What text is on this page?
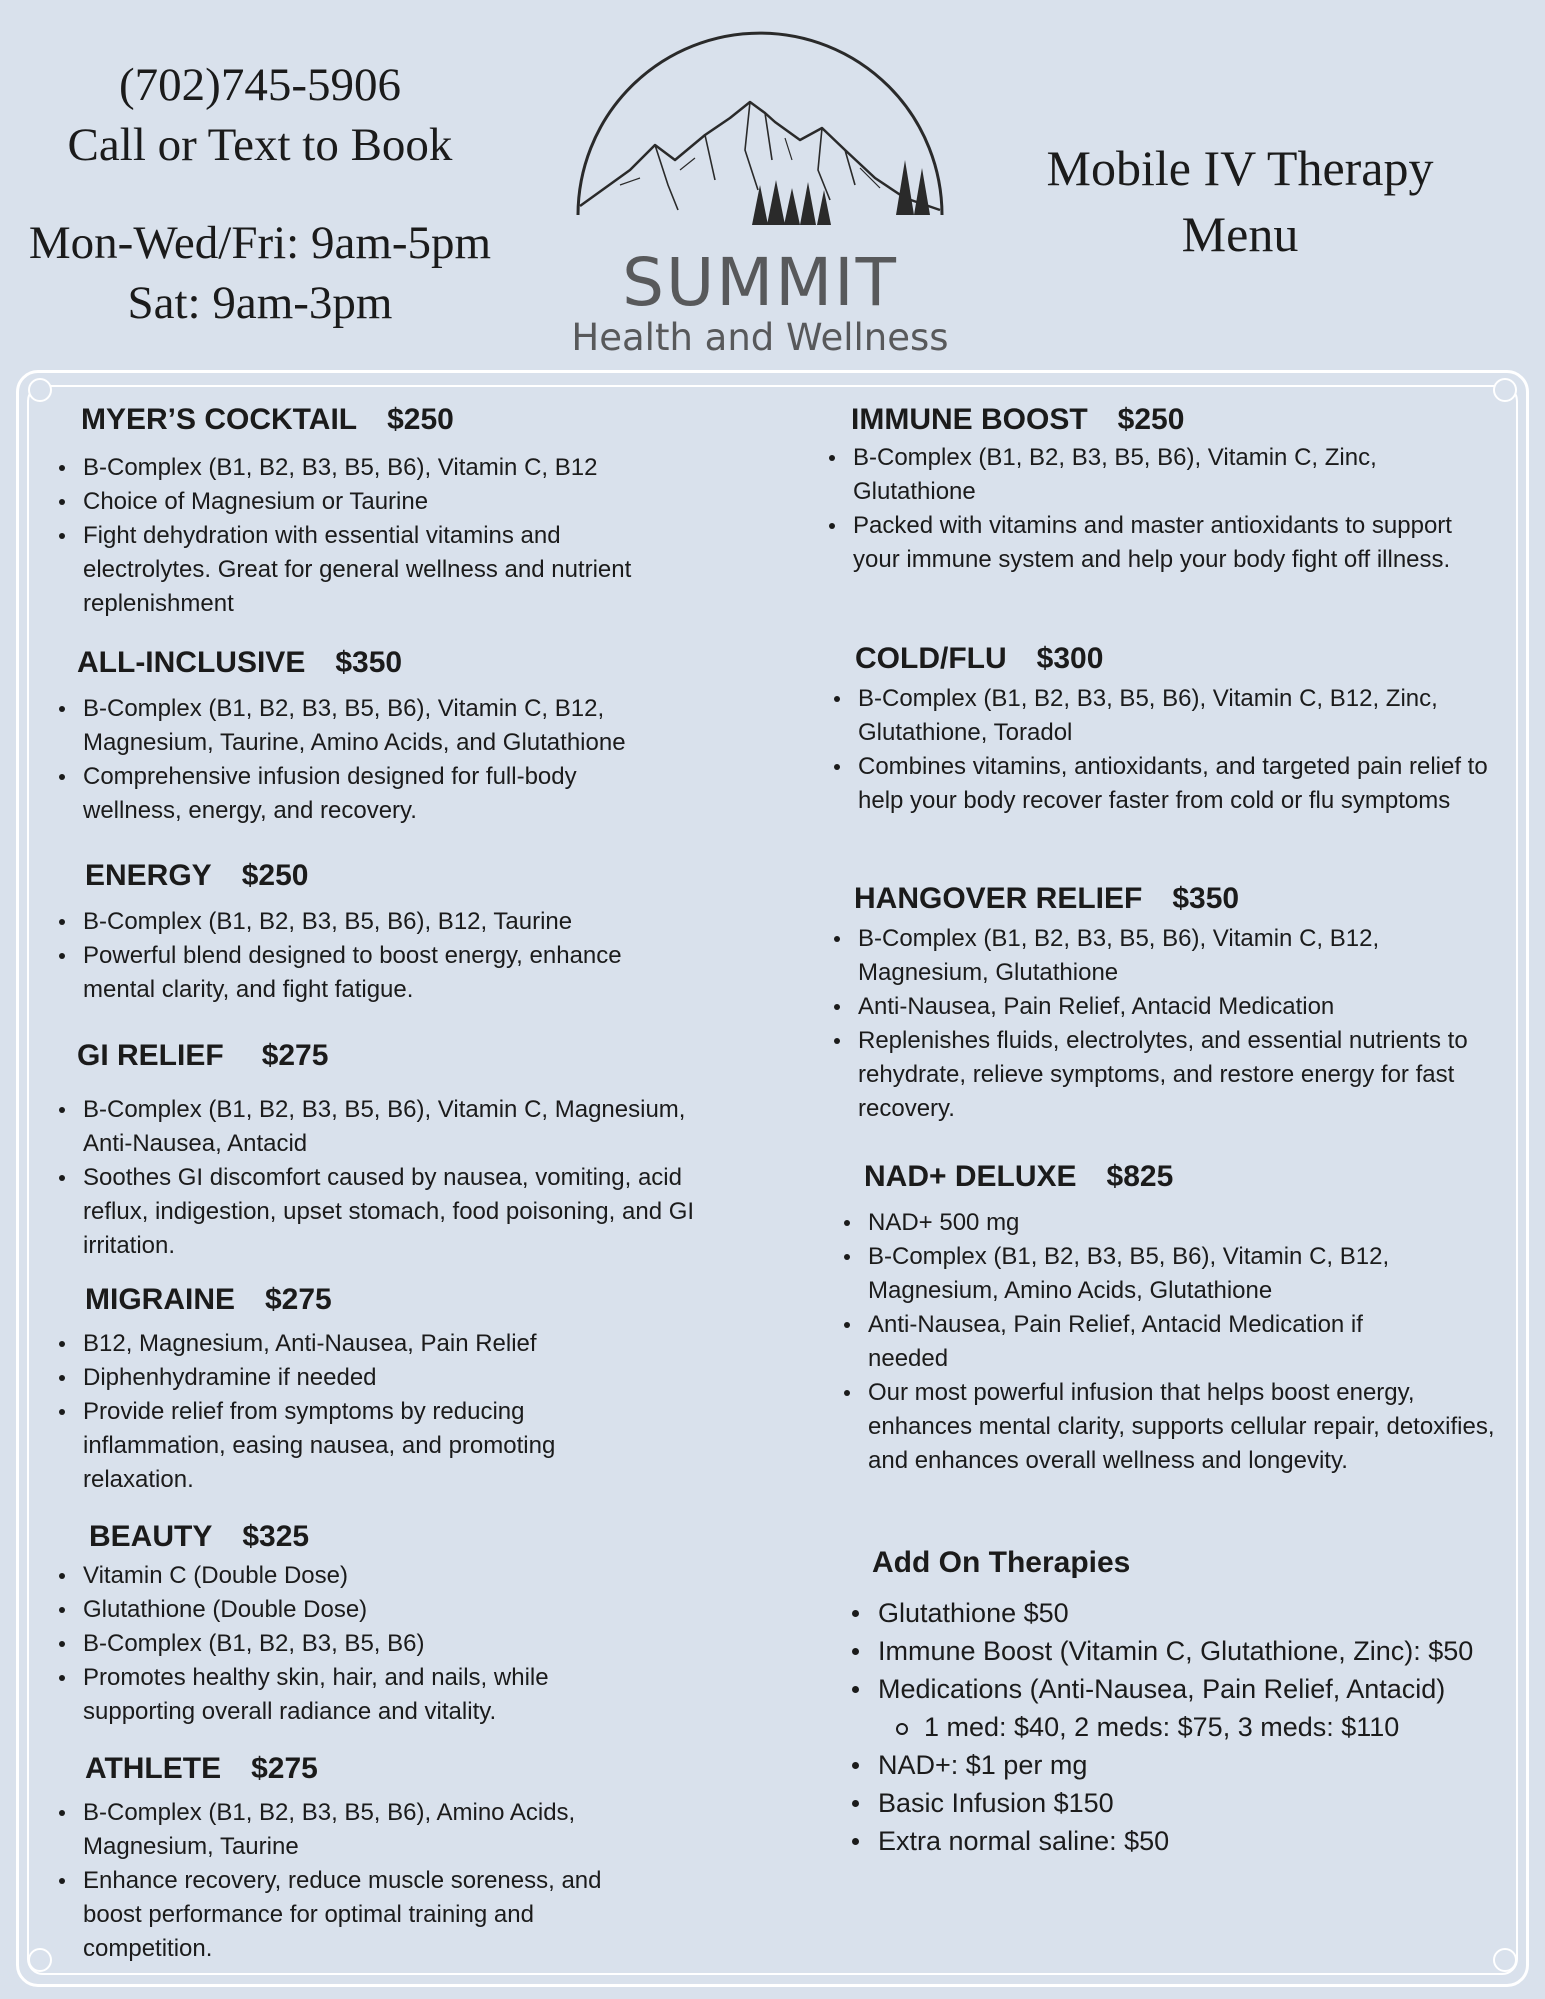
(702)745-5906
Call or Text to Book
Mon-Wed/Fri: 9am-5pm
Sat: 9am-3pm	SUMMIT
Health and Wellness
Mobile IV Therapy
Menu
MYER’S COCKTAIL $250
B-Complex (B1, B2, B3, B5, B6), Vitamin C, B12
Choice of Magnesium or Taurine
Fight dehydration with essential vitamins and electrolytes. Great for general wellness and nutrient replenishment
ALL-INCLUSIVE $350
B-Complex (B1, B2, B3, B5, B6), Vitamin C, B12, Magnesium, Taurine, Amino Acids, and Glutathione
Comprehensive infusion designed for full-body wellness, energy, and recovery.
ENERGY $250
B-Complex (B1, B2, B3, B5, B6), B12, Taurine
Powerful blend designed to boost energy, enhance mental clarity, and fight fatigue.
GI RELIEF $275
B-Complex (B1, B2, B3, B5, B6), Vitamin C, Magnesium, Anti-Nausea, Antacid
Soothes GI discomfort caused by nausea, vomiting, acid reflux, indigestion, upset stomach, food poisoning, and GI irritation.
MIGRAINE $275
B12, Magnesium, Anti-Nausea, Pain Relief
Diphenhydramine if needed
Provide relief from symptoms by reducing inflammation, easing nausea, and promoting relaxation.
BEAUTY $325
Vitamin C (Double Dose)
Glutathione (Double Dose)
B-Complex (B1, B2, B3, B5, B6)
Promotes healthy skin, hair, and nails, while supporting overall radiance and vitality.
ATHLETE $275
B-Complex (B1, B2, B3, B5, B6), Amino Acids, Magnesium, Taurine
Enhance recovery, reduce muscle soreness, and boost performance for optimal training and competition.
IMMUNE BOOST $250
B-Complex (B1, B2, B3, B5, B6), Vitamin C, Zinc, Glutathione
Packed with vitamins and master antioxidants to support your immune system and help your body fight off illness.
COLD/FLU $300
B-Complex (B1, B2, B3, B5, B6), Vitamin C, B12, Zinc, Glutathione, Toradol
Combines vitamins, antioxidants, and targeted pain relief to help your body recover faster from cold or flu symptoms
HANGOVER RELIEF $350
B-Complex (B1, B2, B3, B5, B6), Vitamin C, B12, Magnesium, Glutathione
Anti-Nausea, Pain Relief, Antacid Medication
Replenishes fluids, electrolytes, and essential nutrients to rehydrate, relieve symptoms, and restore energy for fast recovery.
NAD+ DELUXE $825
NAD+ 500 mg
B-Complex (B1, B2, B3, B5, B6), Vitamin C, B12, Magnesium, Amino Acids, Glutathione
Anti-Nausea, Pain Relief, Antacid Medication if needed
Our most powerful infusion that helps boost energy, enhances mental clarity, supports cellular repair, detoxifies, and enhances overall wellness and longevity.
Add On Therapies
Glutathione $50
Immune Boost (Vitamin C, Glutathione, Zinc): $50
Medications (Anti-Nausea, Pain Relief, Antacid)
1 med: $40, 2 meds: $75, 3 meds: $110
NAD+: $1 per mg
Basic Infusion $150
Extra normal saline: $50
